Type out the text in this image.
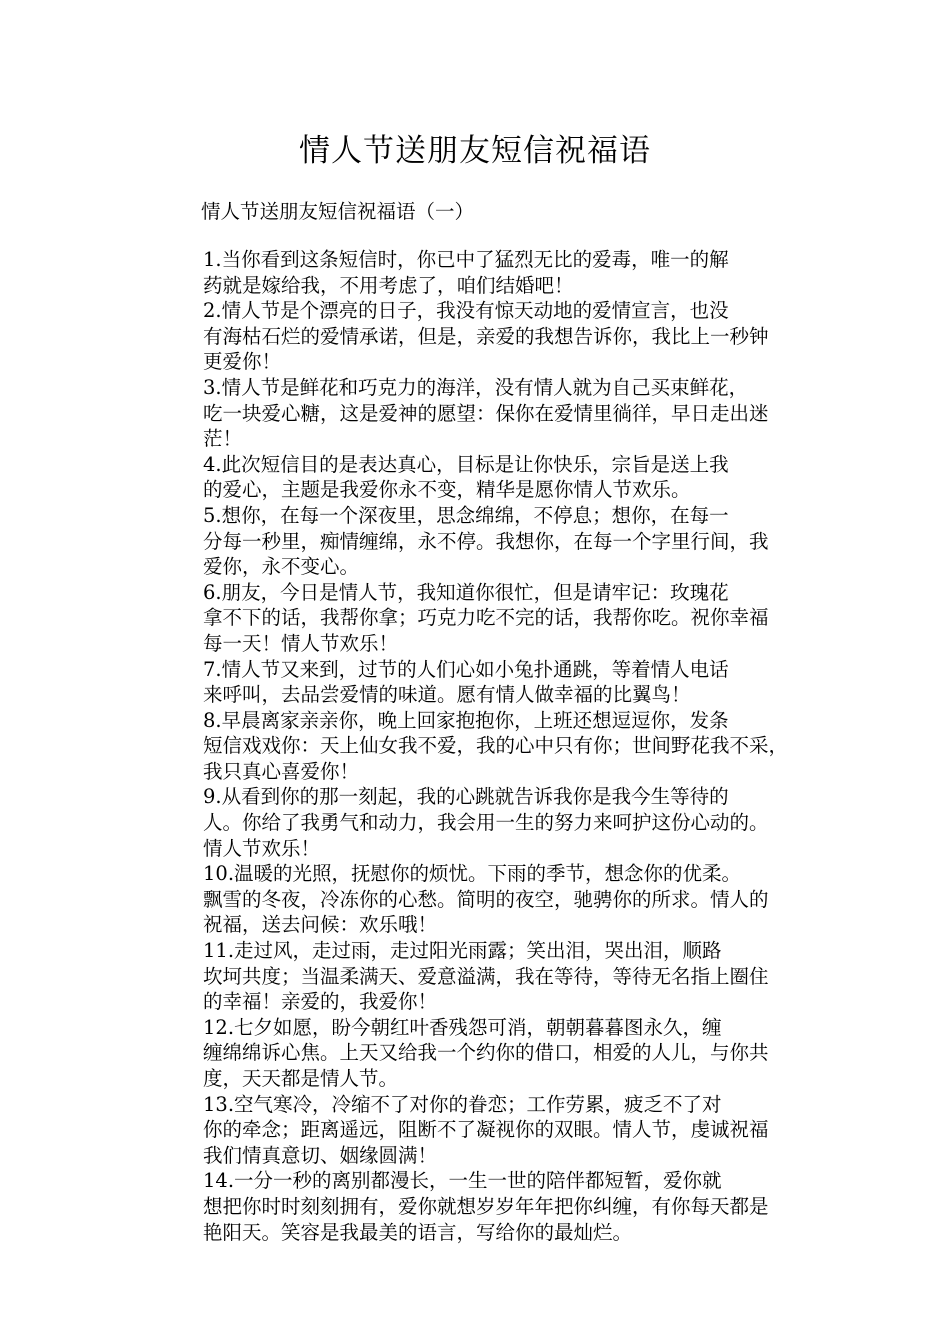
情人节送朋友短信祝福语

情人节送朋友短信祝福语（一）

1.当你看到这条短信时，你已中了猛烈无比的爱毒，唯一的解
药就是嫁给我，不用考虑了，咱们结婚吧！

2.情人节是个漂亮的日子，我没有惊天动地的爱情宣言，也没
有海枯石烂的爱情承诺，但是，亲爱的我想告诉你，我比上一秒钟
更爱你！

3.情人节是鲜花和巧克力的海洋，没有情人就为自己买束鲜花，
吃一块爱心糖，这是爱神的愿望：保你在爱情里徜徉，早日走出迷
茫！

4.此次短信目的是表达真心，目标是让你快乐，宗旨是送上我
的爱心，主题是我爱你永不变，精华是愿你情人节欢乐。

5.想你，在每一个深夜里，思念绵绵，不停息；想你，在每一
分每一秒里，痴情缠绵，永不停。我想你，在每一个字里行间，我
爱你，永不变心。

6.朋友，今日是情人节，我知道你很忙，但是请牢记：玫瑰花
拿不下的话，我帮你拿；巧克力吃不完的话，我帮你吃。祝你幸福
每一天！情人节欢乐！

7.情人节又来到，过节的人们心如小兔扑通跳，等着情人电话
来呼叫，去品尝爱情的味道。愿有情人做幸福的比翼鸟！

8.早晨离家亲亲你，晚上回家抱抱你，上班还想逗逗你，发条
短信戏戏你：天上仙女我不爱，我的心中只有你；世间野花我不采，
我只真心喜爱你！

9.从看到你的那一刻起，我的心跳就告诉我你是我今生等待的
人。你给了我勇气和动力，我会用一生的努力来呵护这份心动的。
情人节欢乐！

10.温暖的光照，抚慰你的烦忧。下雨的季节，想念你的优柔。
飘雪的冬夜，冷冻你的心愁。简明的夜空，驰骋你的所求。情人的
祝福，送去问候：欢乐哦！

11.走过风，走过雨，走过阳光雨露；笑出泪，哭出泪，顺路
坎坷共度；当温柔满天、爱意溢满，我在等待，等待无名指上圈住
的幸福！亲爱的，我爱你！

12.七夕如愿，盼今朝红叶香残怨可消，朝朝暮暮图永久，缠
缠绵绵诉心焦。上天又给我一个约你的借口，相爱的人儿，与你共
度，天天都是情人节。

13.空气寒冷，冷缩不了对你的眷恋；工作劳累，疲乏不了对
你的牵念；距离遥远，阻断不了凝视你的双眼。情人节，虔诚祝福
我们情真意切、姻缘圆满！

14.一分一秒的离别都漫长，一生一世的陪伴都短暂，爱你就
想把你时时刻刻拥有，爱你就想岁岁年年把你纠缠，有你每天都是
艳阳天。笑容是我最美的语言，写给你的最灿烂。
